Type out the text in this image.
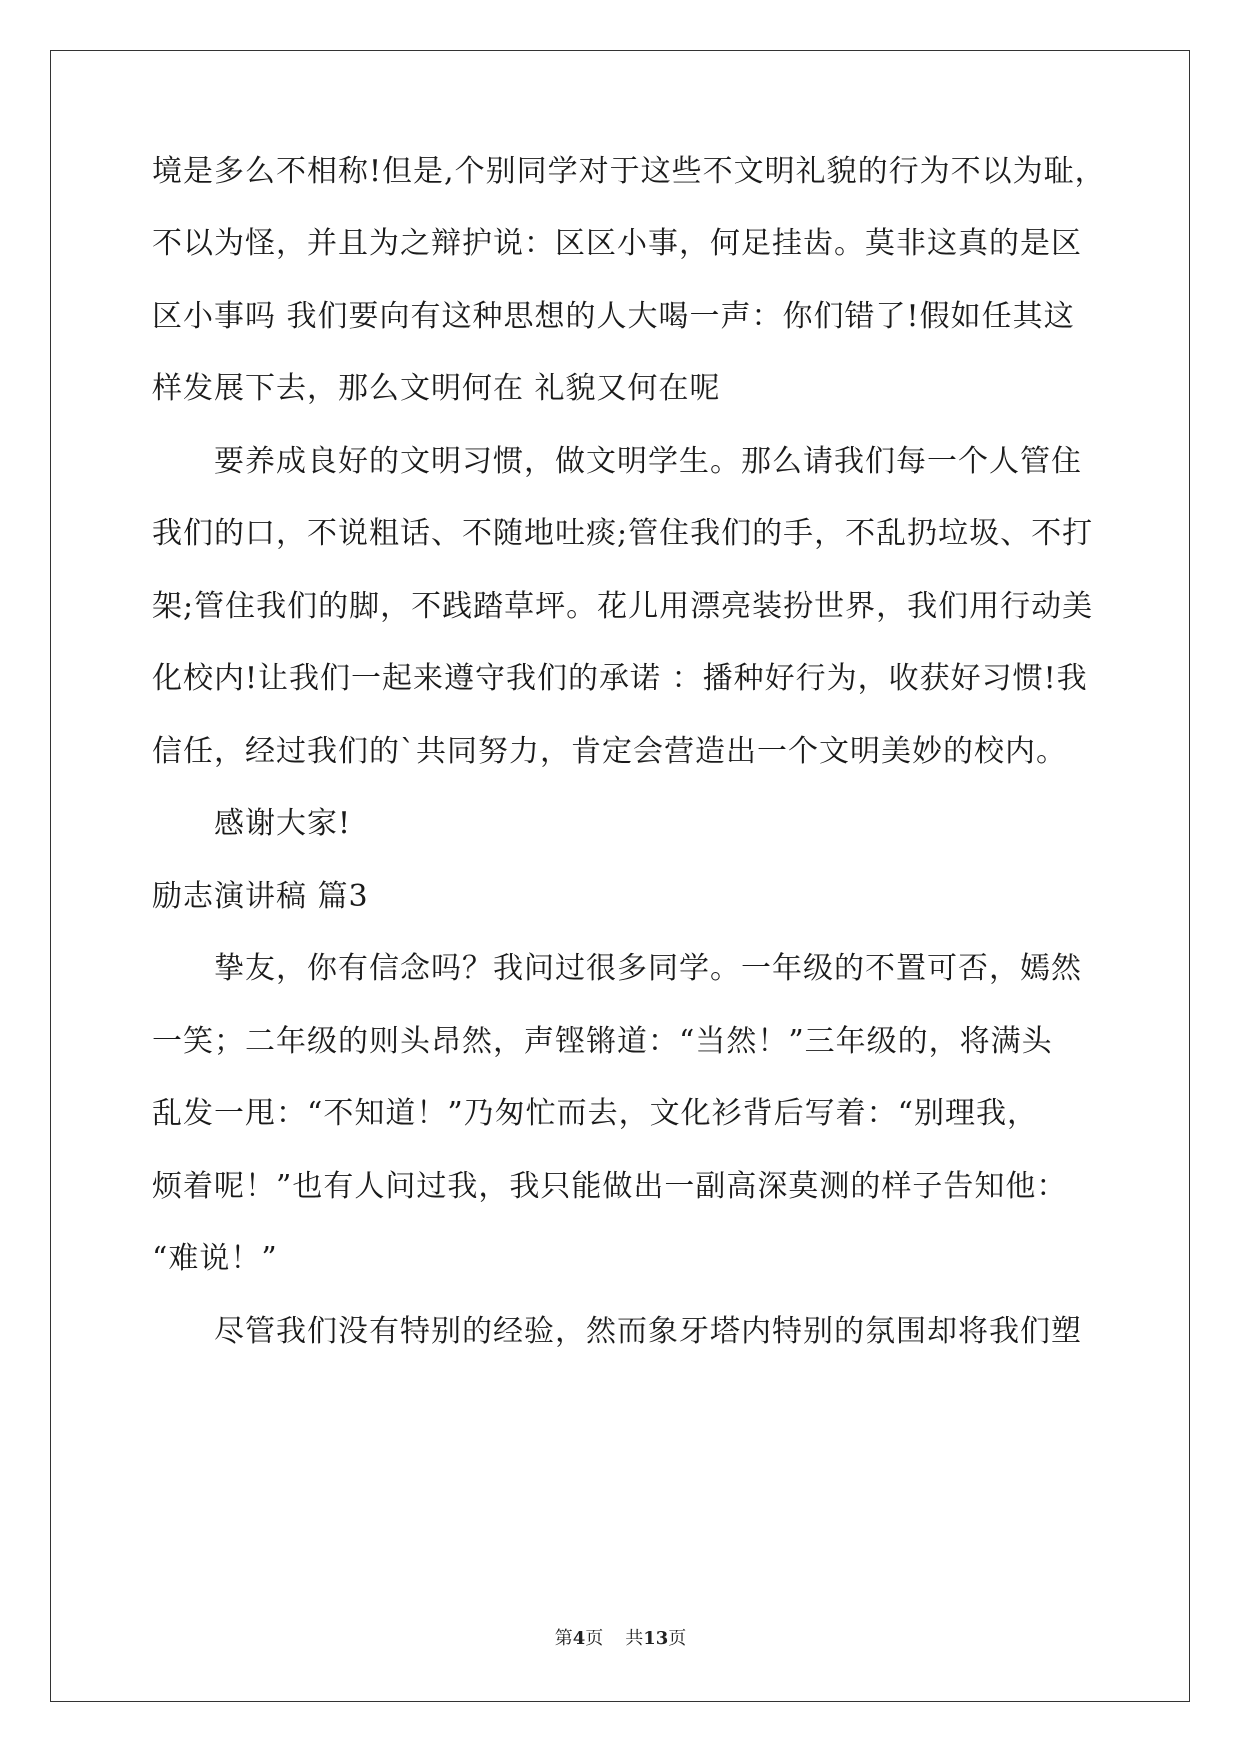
境是多么不相称!但是,个别同学对于这些不文明礼貌的行为不以为耻，
不以为怪，并且为之辩护说：区区小事，何足挂齿。莫非这真的是区
区小事吗 我们要向有这种思想的人大喝一声：你们错了!假如任其这
样发展下去，那么文明何在 礼貌又何在呢
要养成良好的文明习惯，做文明学生。那么请我们每一个人管住
我们的口，不说粗话、不随地吐痰;管住我们的手，不乱扔垃圾、不打
架;管住我们的脚，不践踏草坪。花儿用漂亮装扮世界，我们用行动美
化校内!让我们一起来遵守我们的承诺 ：播种好行为，收获好习惯!我
信任，经过我们的`共同努力，肯定会营造出一个文明美妙的校内。
感谢大家!
励志演讲稿 篇3
挚友，你有信念吗？我问过很多同学。一年级的不置可否，嫣然
一笑；二年级的则头昂然，声铿锵道：“当然！”三年级的，将满头
乱发一甩：“不知道！”乃匆忙而去，文化衫背后写着：“别理我，
烦着呢！”也有人问过我，我只能做出一副高深莫测的样子告知他：
“难说！”
尽管我们没有特别的经验，然而象牙塔内特别的氛围却将我们塑
第4页 共13页
